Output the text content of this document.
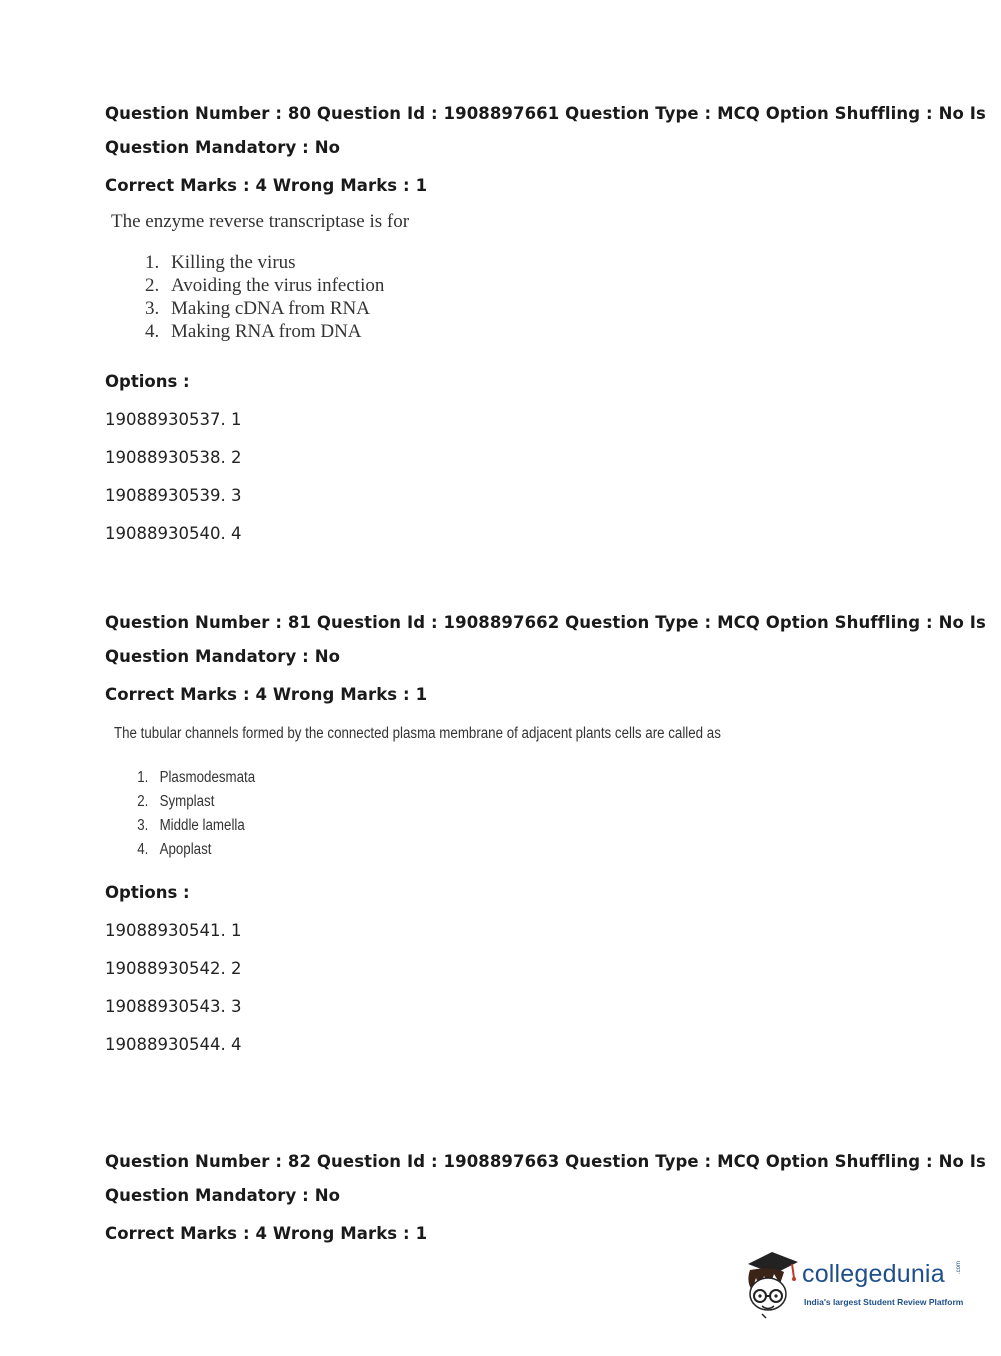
Question Number : 80 Question Id : 1908897661 Question Type : MCQ Option Shuffling : No Is
Question Mandatory : No
Correct Marks : 4 Wrong Marks : 1
The enzyme reverse transcriptase is for
1. Killing the virus
2. Avoiding the virus infection
3. Making cDNA from RNA
4. Making RNA from DNA
Options :
19088930537. 1
19088930538. 2
19088930539. 3
19088930540. 4
Question Number : 81 Question Id : 1908897662 Question Type : MCQ Option Shuffling : No Is
Question Mandatory : No
Correct Marks : 4 Wrong Marks : 1
The tubular channels formed by the connected plasma membrane of adjacent plants cells are called as
1. Plasmodesmata
2. Symplast
3. Middle lamella
4. Apoplast
Options :
19088930541. 1
19088930542. 2
19088930543. 3
19088930544. 4
Question Number : 82 Question Id : 1908897663 Question Type : MCQ Option Shuffling : No Is
Question Mandatory : No
Correct Marks : 4 Wrong Marks : 1
collegedunia .com
India's largest Student Review Platform
